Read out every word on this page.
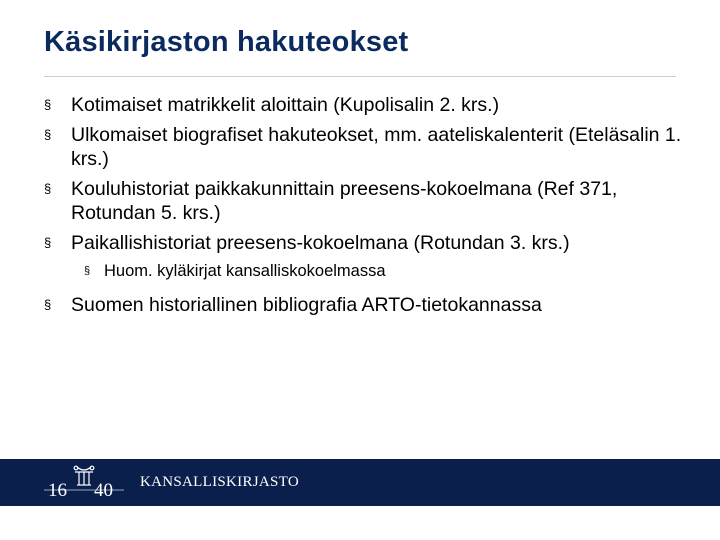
Käsikirjaston hakuteokset
§ Kotimaiset matrikkelit aloittain (Kupolisalin 2. krs.)
§ Ulkomaiset biografiset hakuteokset, mm. aateliskalenterit (Eteläsalin 1. krs.)
§ Kouluhistoriat paikkakunnittain preesens-kokoelmana (Ref 371, Rotundan 5. krs.)
§ Paikallishistoriat preesens-kokoelmana (Rotundan 3. krs.)
§ Huom. kyläkirjat kansalliskokoelmassa
§ Suomen historiallinen bibliografia ARTO-tietokannassa
16 40 KANSALLISKIRJASTO
